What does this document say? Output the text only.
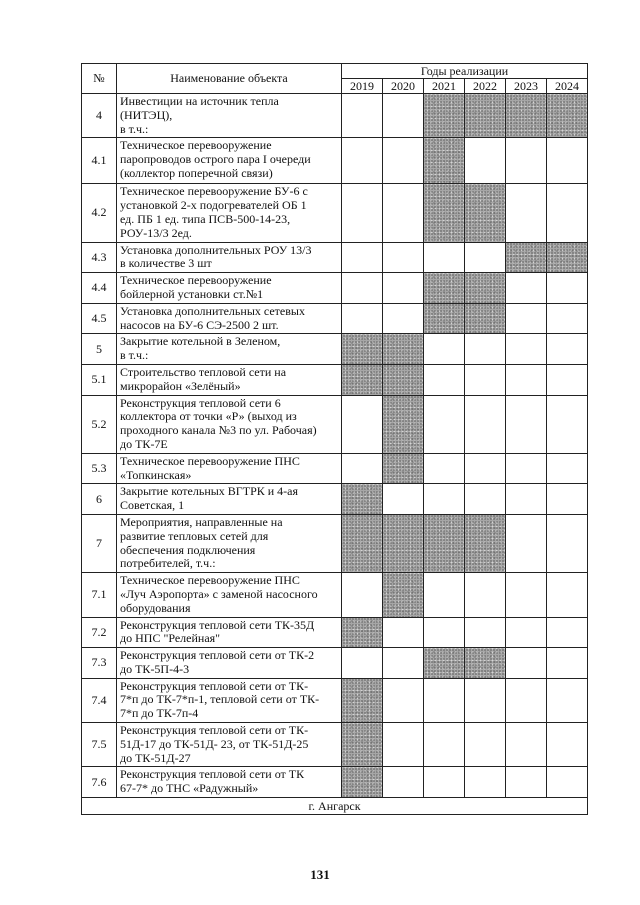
№	Наименование объекта	Годы реализации					
		2019	2020	2021	2022	2023	2024
4	Инвестиции на источник тепла
(НИТЭЦ),
в т.ч.:						

4.1	Техническое перевооружение
паропроводов острого пара I очереди
(коллектор поперечной связи)						

4.2	Техническое перевооружение БУ-6 с
установкой 2-х подогревателей ОБ 1
ед. ПБ 1 ед. типа ПСВ-500-14-23,
РОУ-13/3 2ед.						

4.3	Установка дополнительных РОУ 13/3
в количестве 3 шт						

4.4	Техническое перевооружение
бойлерной установки ст.№1						

4.5	Установка дополнительных сетевых
насосов на БУ-6 СЭ-2500 2 шт.						

5	Закрытие котельной в Зеленом,
в т.ч.:						

5.1	Строительство тепловой сети на
микрорайон «Зелёный»						

5.2	Реконструкция тепловой сети 6
коллектора от точки «Р» (выход из
проходного канала №3 по ул. Рабочая)
до ТК-7Е						

5.3	Техническое перевооружение ПНС
«Топкинская»						

6	Закрытие котельных ВГТРК и 4-ая
Советская, 1						

7	Мероприятия, направленные на
развитие тепловых сетей для
обеспечения подключения
потребителей, т.ч.:						

7.1	Техническое перевооружение ПНС
«Луч Аэропорта» с заменой насосного
оборудования						

7.2	Реконструкция тепловой сети ТК-35Д
до НПС "Релейная"						

7.3	Реконструкция тепловой сети от ТК-2
до ТК-5П-4-3						

7.4	Реконструкция тепловой сети от ТК-
7*п до ТК-7*п-1, тепловой сети от ТК-
7*п до ТК-7п-4						

7.5	Реконструкция тепловой сети от ТК-
51Д-17 до ТК-51Д- 23, от ТК-51Д-25
до ТК-51Д-27						

7.6	Реконструкция тепловой сети от ТК
67-7* до ТНС «Радужный»						

г. Ангарск							
131
